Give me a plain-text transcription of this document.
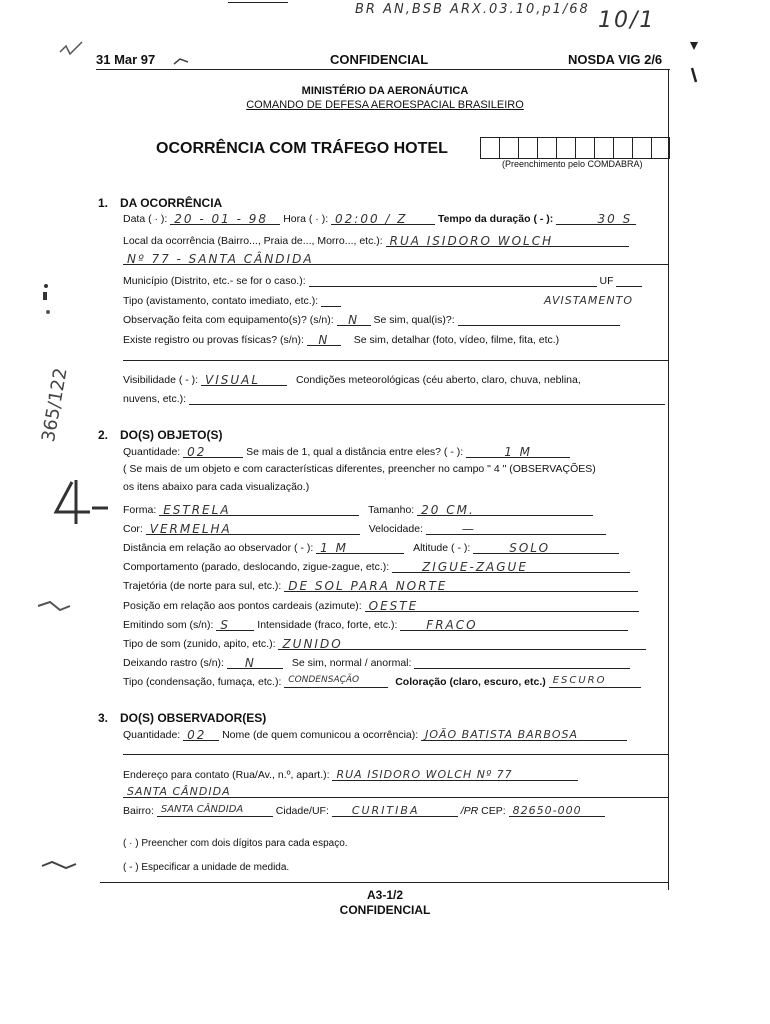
BR AN,BSB ARX.03.10,p1/68 10/1
31 Mar 97	CONFIDENCIAL	NOSDA VIG 2/6
MINISTÉRIO DA AERONÁUTICA
COMANDO DE DEFESA AEROESPACIAL BRASILEIRO
OCORRÊNCIA COM TRÁFEGO HOTEL
(Preenchimento pelo COMDABRA)
1. DA OCORRÊNCIA
Data ( · ): 20 - 01 - 98 Hora ( · ): 02:00 / Z	Tempo da duração ( - ):	30 S
Local da ocorrência (Bairro..., Praia de..., Morro..., etc.): RUA ISIDORO WOLCH
Nº 77 - SANTA CÂNDIDA
Município (Distrito, etc.- se for o caso.):	UF
Tipo (avistamento, contato imediato, etc.):	AVISTAMENTO
Observação feita com equipamento(s)? (s/n): N Se sim, qual(is)?:
Existe registro ou provas físicas? (s/n): N Se sim, detalhar (foto, vídeo, filme, fita, etc.)
Visibilidade ( - ): VISUAL	Condições meteorológicas (céu aberto, claro, chuva, neblina,
nuvens, etc.):
2. DO(S) OBJETO(S)
Quantidade: 02	Se mais de 1, qual a distância entre eles? ( - ):	1 M
( Se mais de um objeto e com características diferentes, preencher no campo " 4 " (OBSERVAÇÕES)
os itens abaixo para cada visualização.)
Forma: ESTRELA	Tamanho: 20 CM.
Cor: VERMELHA	Velocidade:	—
Distância em relação ao observador ( - ): 1 M	Altitude ( - ):	SOLO
Comportamento (parado, deslocando, zigue-zague, etc.):	ZIGUE-ZAGUE
Trajetória (de norte para sul, etc.): DE SOL PARA NORTE
Posição em relação aos pontos cardeais (azimute): OESTE
Emitindo som (s/n): S	Intensidade (fraco, forte, etc.): FRACO
Tipo de som (zunido, apito, etc.): ZUNIDO
Deixando rastro (s/n): N	Se sim, normal / anormal:
Tipo (condensação, fumaça, etc.): CONDENSAÇÃO	Coloração (claro, escuro, etc.) ESCURO
3. DO(S) OBSERVADOR(ES)
Quantidade: 02 Nome (de quem comunicou a ocorrência): JOÃO BATISTA BARBOSA
Endereço para contato (Rua/Av., n.º, apart.): RUA ISIDORO WOLCH Nº 77
SANTA CÂNDIDA
Bairro: SANTA CÂNDIDA	Cidade/UF: CURITIBA	/PR CEP: 82650-000
( · ) Preencher com dois dígitos para cada espaço.
( - ) Especificar a unidade de medida.
A3-1/2
CONFIDENCIAL
365/122
